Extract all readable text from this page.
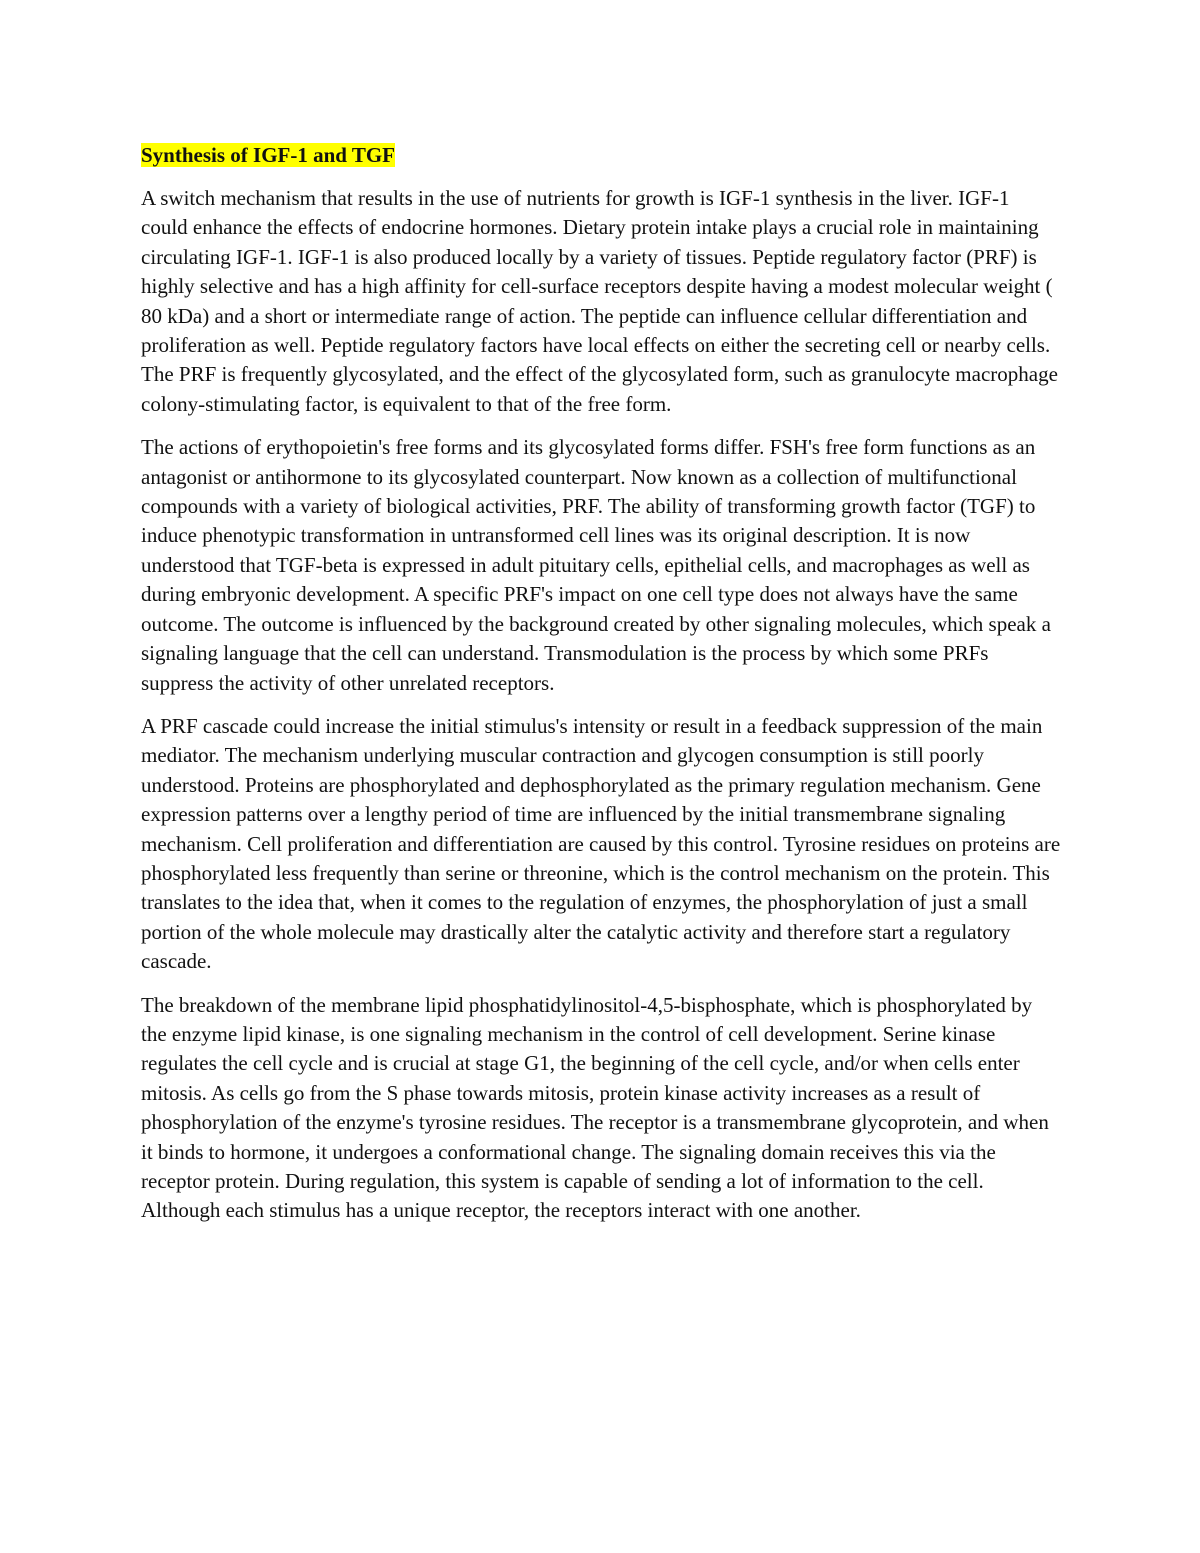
Synthesis of IGF-1 and TGF

A switch mechanism that results in the use of nutrients for growth is IGF-1 synthesis in the liver. IGF-1 could enhance the effects of endocrine hormones. Dietary protein intake plays a crucial role in maintaining circulating IGF-1. IGF-1 is also produced locally by a variety of tissues. Peptide regulatory factor (PRF) is highly selective and has a high affinity for cell-surface receptors despite having a modest molecular weight ( 80 kDa) and a short or intermediate range of action. The peptide can influence cellular differentiation and proliferation as well. Peptide regulatory factors have local effects on either the secreting cell or nearby cells. The PRF is frequently glycosylated, and the effect of the glycosylated form, such as granulocyte macrophage colony-stimulating factor, is equivalent to that of the free form.

The actions of erythopoietin's free forms and its glycosylated forms differ. FSH's free form functions as an antagonist or antihormone to its glycosylated counterpart. Now known as a collection of multifunctional compounds with a variety of biological activities, PRF. The ability of transforming growth factor (TGF) to induce phenotypic transformation in untransformed cell lines was its original description. It is now understood that TGF-beta is expressed in adult pituitary cells, epithelial cells, and macrophages as well as during embryonic development. A specific PRF's impact on one cell type does not always have the same outcome. The outcome is influenced by the background created by other signaling molecules, which speak a signaling language that the cell can understand. Transmodulation is the process by which some PRFs suppress the activity of other unrelated receptors.

A PRF cascade could increase the initial stimulus's intensity or result in a feedback suppression of the main mediator. The mechanism underlying muscular contraction and glycogen consumption is still poorly understood. Proteins are phosphorylated and dephosphorylated as the primary regulation mechanism. Gene expression patterns over a lengthy period of time are influenced by the initial transmembrane signaling mechanism. Cell proliferation and differentiation are caused by this control. Tyrosine residues on proteins are phosphorylated less frequently than serine or threonine, which is the control mechanism on the protein. This translates to the idea that, when it comes to the regulation of enzymes, the phosphorylation of just a small portion of the whole molecule may drastically alter the catalytic activity and therefore start a regulatory cascade.

The breakdown of the membrane lipid phosphatidylinositol-4,5-bisphosphate, which is phosphorylated by the enzyme lipid kinase, is one signaling mechanism in the control of cell development. Serine kinase regulates the cell cycle and is crucial at stage G1, the beginning of the cell cycle, and/or when cells enter mitosis. As cells go from the S phase towards mitosis, protein kinase activity increases as a result of phosphorylation of the enzyme's tyrosine residues. The receptor is a transmembrane glycoprotein, and when it binds to hormone, it undergoes a conformational change. The signaling domain receives this via the receptor protein. During regulation, this system is capable of sending a lot of information to the cell. Although each stimulus has a unique receptor, the receptors interact with one another.
